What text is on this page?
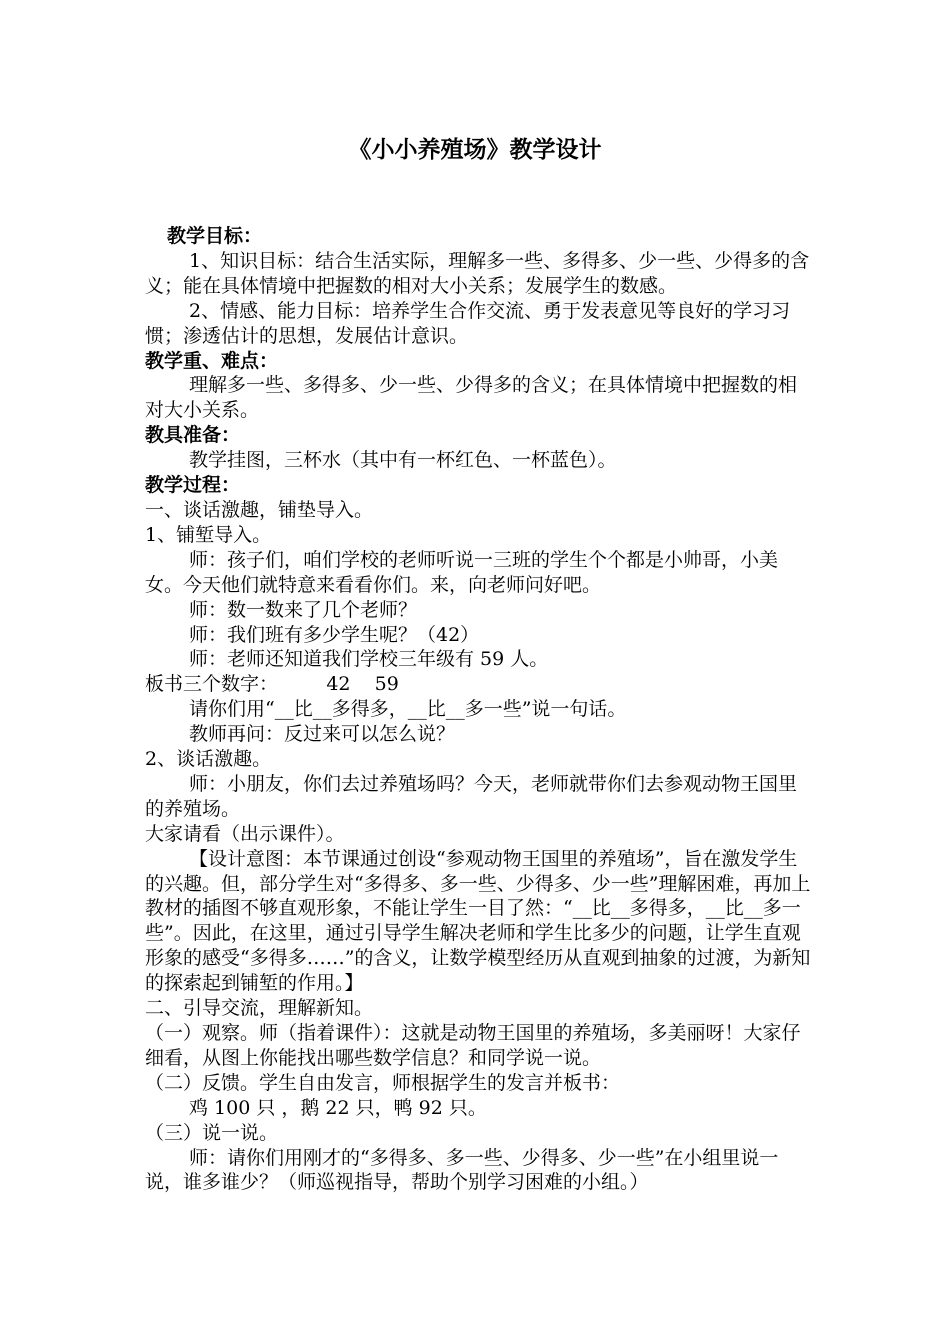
《小小养殖场》教学设计

教学目标：

1、知识目标：结合生活实际，理解多一些、多得多、少一些、少得多的含义；能在具体情境中把握数的相对大小关系；发展学生的数感。

2、情感、能力目标：培养学生合作交流、勇于发表意见等良好的学习习惯；渗透估计的思想，发展估计意识。

教学重、难点：

理解多一些、多得多、少一些、少得多的含义；在具体情境中把握数的相对大小关系。

教具准备：

教学挂图，三杯水（其中有一杯红色、一杯蓝色）。

教学过程：

一、谈话激趣，铺垫导入。

1、铺堑导入。

师：孩子们，咱们学校的老师听说一三班的学生个个都是小帅哥，小美女。今天他们就特意来看看你们。来，向老师问好吧。

师：数一数来了几个老师？

师：我们班有多少学生呢？（42）

师：老师还知道我们学校三年级有 59 人。

板书三个数字：        42    59

请你们用“__比__多得多，__比__多一些”说一句话。

教师再问：反过来可以怎么说？

2、谈话激趣。

师：小朋友，你们去过养殖场吗？今天，老师就带你们去参观动物王国里的养殖场。

大家请看（出示课件）。

【设计意图：本节课通过创设“参观动物王国里的养殖场”，旨在激发学生的兴趣。但，部分学生对“多得多、多一些、少得多、少一些”理解困难，再加上教材的插图不够直观形象，不能让学生一目了然：“__比__多得多，__比__多一些”。因此，在这里，通过引导学生解决老师和学生比多少的问题，让学生直观形象的感受“多得多……”的含义，让数学模型经历从直观到抽象的过渡，为新知的探索起到铺堑的作用。】

二、引导交流，理解新知。

（一）观察。师（指着课件）：这就是动物王国里的养殖场，多美丽呀！大家仔细看，从图上你能找出哪些数学信息？和同学说一说。

（二）反馈。学生自由发言，师根据学生的发言并板书：

鸡 100 只 ，鹅 22 只，鸭 92 只。

（三）说一说。

师：请你们用刚才的“多得多、多一些、少得多、少一些”在小组里说一说，谁多谁少？（师巡视指导，帮助个别学习困难的小组。）
